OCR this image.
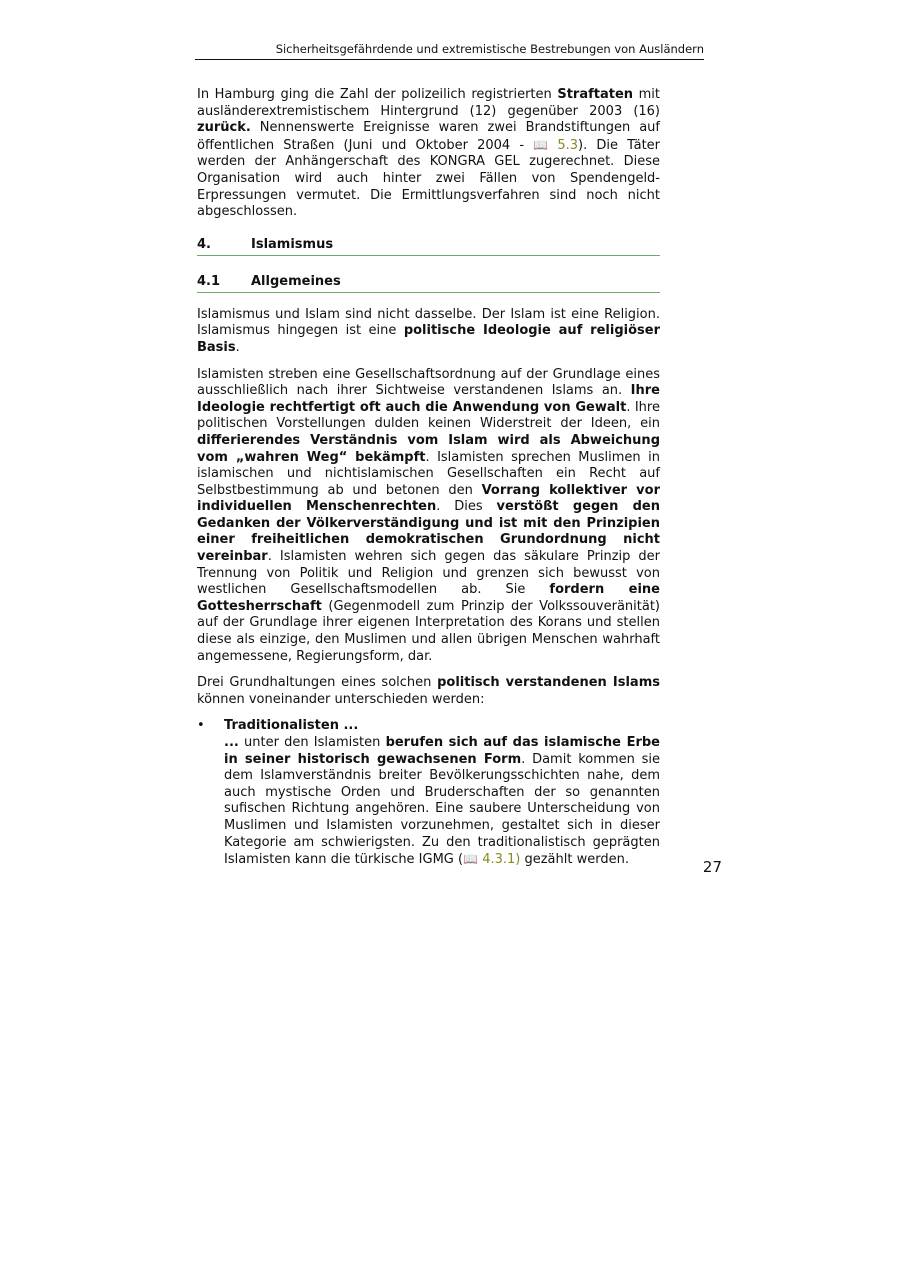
Sicherheitsgefährdende und extremistische Bestrebungen von Ausländern

In Hamburg ging die Zahl der polizeilich registrierten Straftaten mit ausländerextremistischem Hintergrund (12) gegenüber 2003 (16) zurück. Nennenswerte Ereignisse waren zwei Brandstiftungen auf öffentlichen Straßen (Juni und Oktober 2004 - 📖 5.3). Die Täter werden der Anhängerschaft des KONGRA GEL zugerechnet. Diese Organisation wird auch hinter zwei Fällen von Spendengeld-Erpressungen vermutet. Die Ermittlungsverfahren sind noch nicht abgeschlossen.

4.	Islamismus
4.1	Allgemeines

Islamismus und Islam sind nicht dasselbe. Der Islam ist eine Religion. Islamismus hingegen ist eine politische Ideologie auf religiöser Basis.

Islamisten streben eine Gesellschaftsordnung auf der Grundlage eines ausschließlich nach ihrer Sichtweise verstandenen Islams an. Ihre Ideologie rechtfertigt oft auch die Anwendung von Gewalt. Ihre politischen Vorstellungen dulden keinen Widerstreit der Ideen, ein differierendes Verständnis vom Islam wird als Abweichung vom „wahren Weg“ bekämpft. Islamisten sprechen Muslimen in islamischen und nichtislamischen Gesellschaften ein Recht auf Selbstbestimmung ab und betonen den Vorrang kollektiver vor individuellen Menschenrechten. Dies verstößt gegen den Gedanken der Völkerverständigung und ist mit den Prinzipien einer freiheitlichen demokratischen Grundordnung nicht vereinbar. Islamisten wehren sich gegen das säkulare Prinzip der Trennung von Politik und Religion und grenzen sich bewusst von westlichen Gesellschaftsmodellen ab. Sie fordern eine Gottesherrschaft (Gegenmodell zum Prinzip der Volkssouveränität) auf der Grundlage ihrer eigenen Interpretation des Korans und stellen diese als einzige, den Muslimen und allen übrigen Menschen wahrhaft angemessene, Regierungsform, dar.

Drei Grundhaltungen eines solchen politisch verstandenen Islams können voneinander unterschieden werden:

• Traditionalisten ...
... unter den Islamisten berufen sich auf das islamische Erbe in seiner historisch gewachsenen Form. Damit kommen sie dem Islamverständnis breiter Bevölkerungsschichten nahe, dem auch mystische Orden und Bruderschaften der so genannten sufischen Richtung angehören. Eine saubere Unterscheidung von Muslimen und Islamisten vorzunehmen, gestaltet sich in dieser Kategorie am schwierigsten. Zu den traditionalistisch geprägten Islamisten kann die türkische IGMG (📖 4.3.1) gezählt werden.	27
